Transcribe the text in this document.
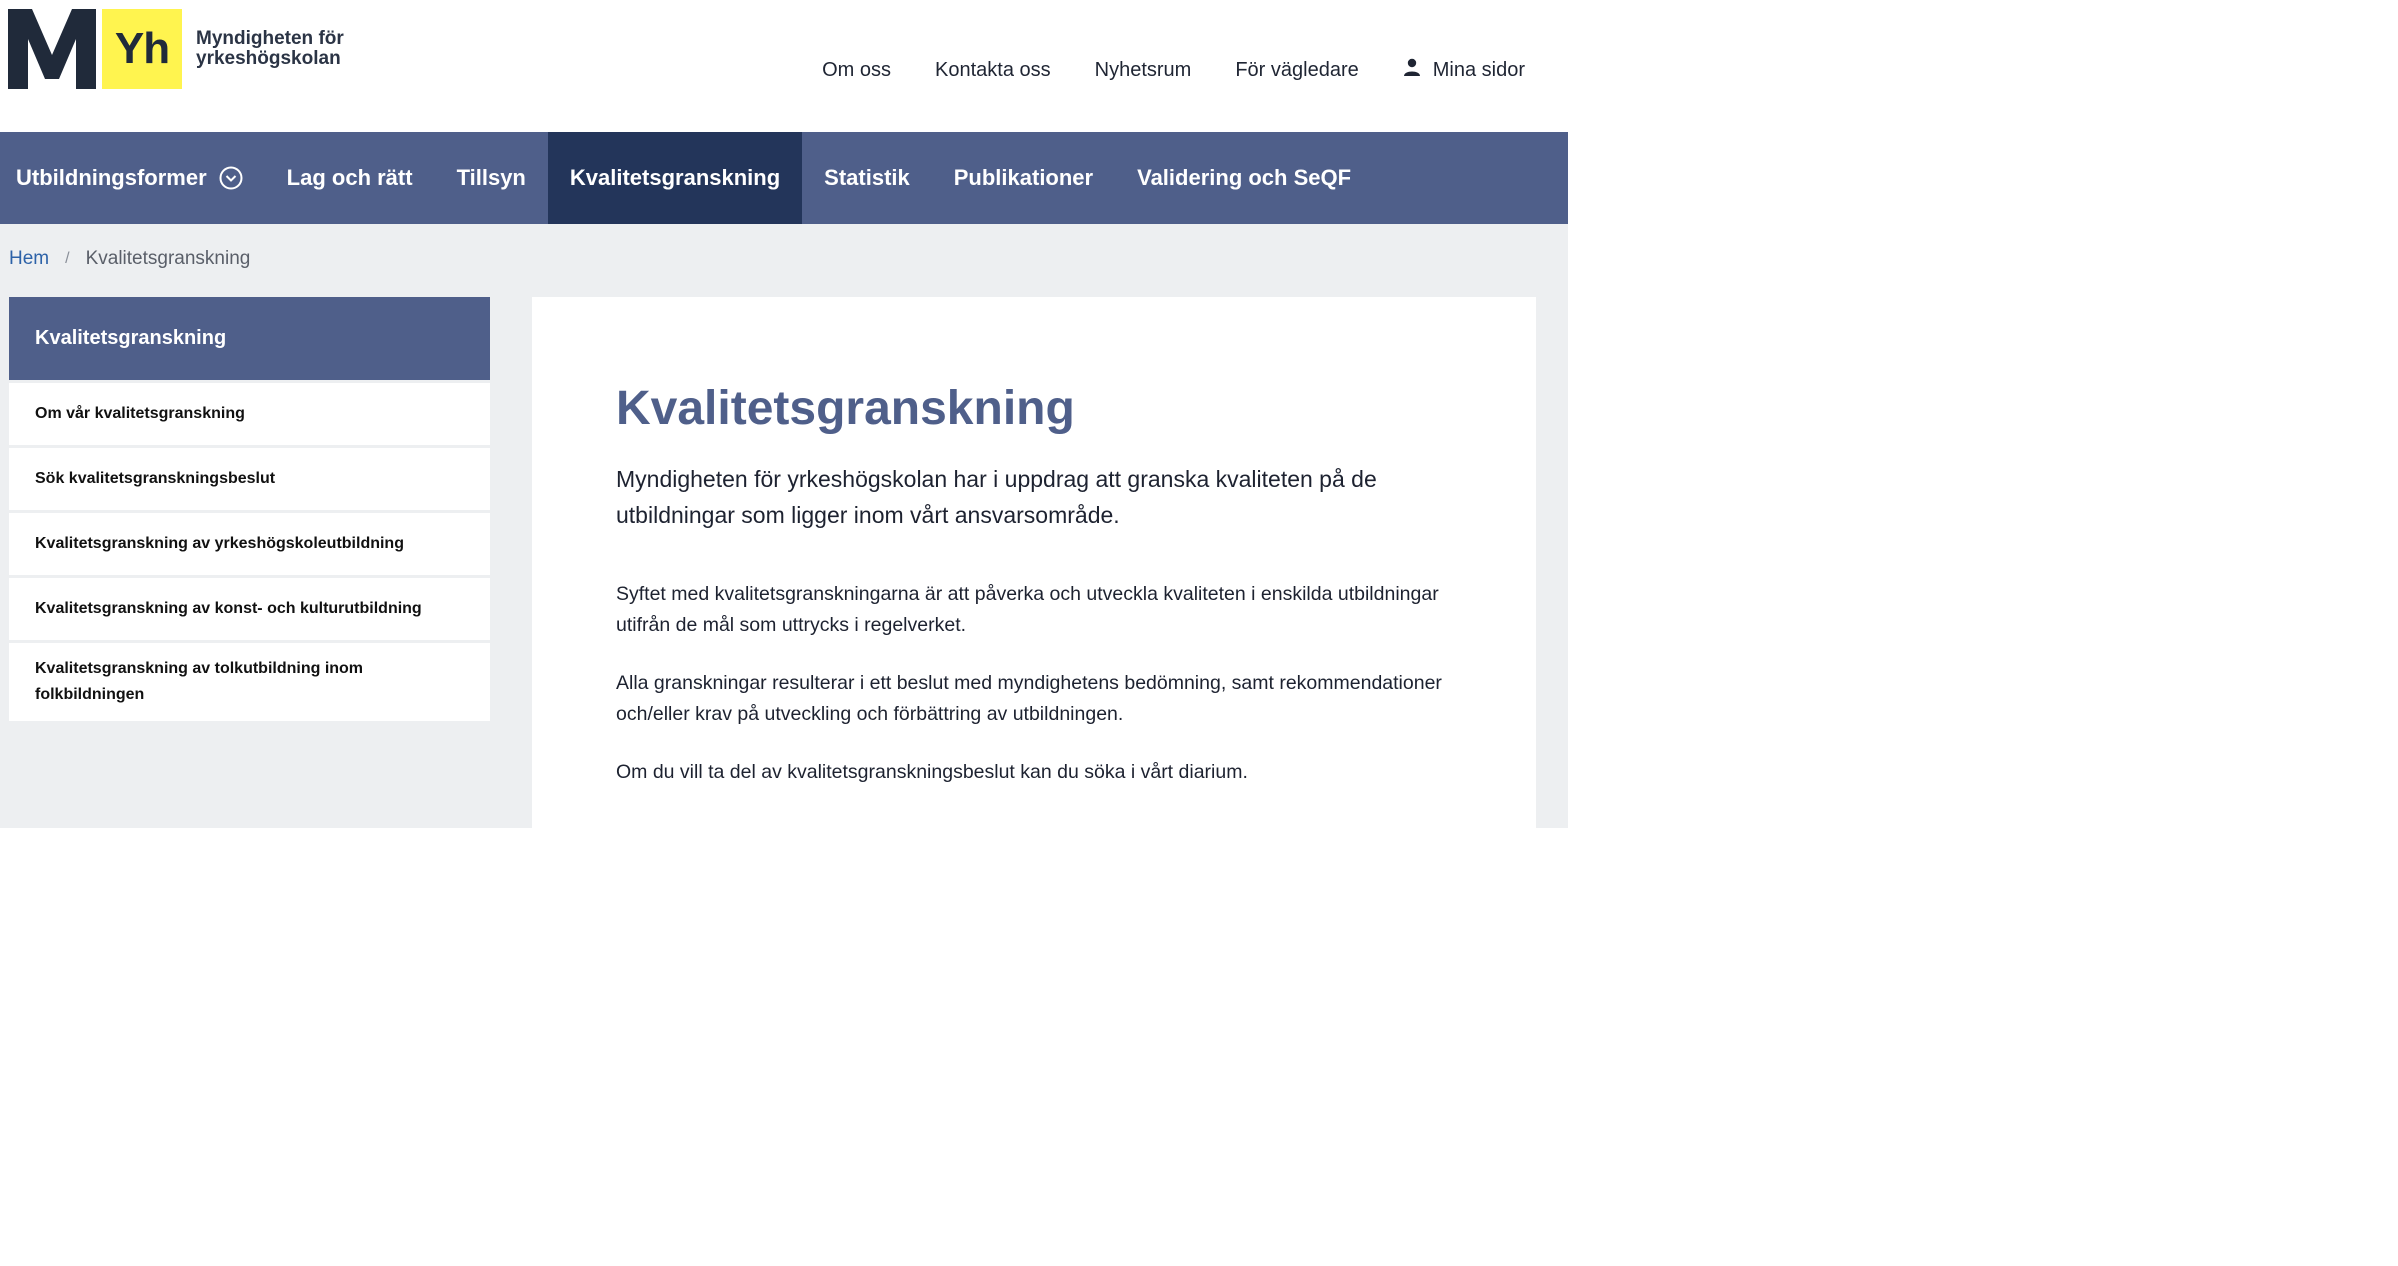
Yh	Myndigheten för
yrkeshögskolan	Om oss Kontakta oss Nyhetsrum För vägledare	Mina sidor
Utbildningsformer	Lag och rätt	Tillsyn	Kvalitetsgranskning	Statistik	Publikationer	Validering och SeQF
Hem / Kvalitetsgranskning
Kvalitetsgranskning
Om vår kvalitetsgranskning
Sök kvalitetsgranskningsbeslut
Kvalitetsgranskning av yrkeshögskoleutbildning
Kvalitetsgranskning av konst- och kulturutbildning
Kvalitetsgranskning av tolkutbildning inom folkbildningen
Kvalitetsgranskning

Myndigheten för yrkeshögskolan har i uppdrag att granska kvaliteten på de utbildningar som ligger inom vårt ansvarsområde.

Syftet med kvalitetsgranskningarna är att påverka och utveckla kvaliteten i enskilda utbildningar utifrån de mål som uttrycks i regelverket.

Alla granskningar resulterar i ett beslut med myndighetens bedömning, samt rekommendationer och/eller krav på utveckling och förbättring av utbildningen.

Om du vill ta del av kvalitetsgranskningsbeslut kan du söka i vårt diarium.
